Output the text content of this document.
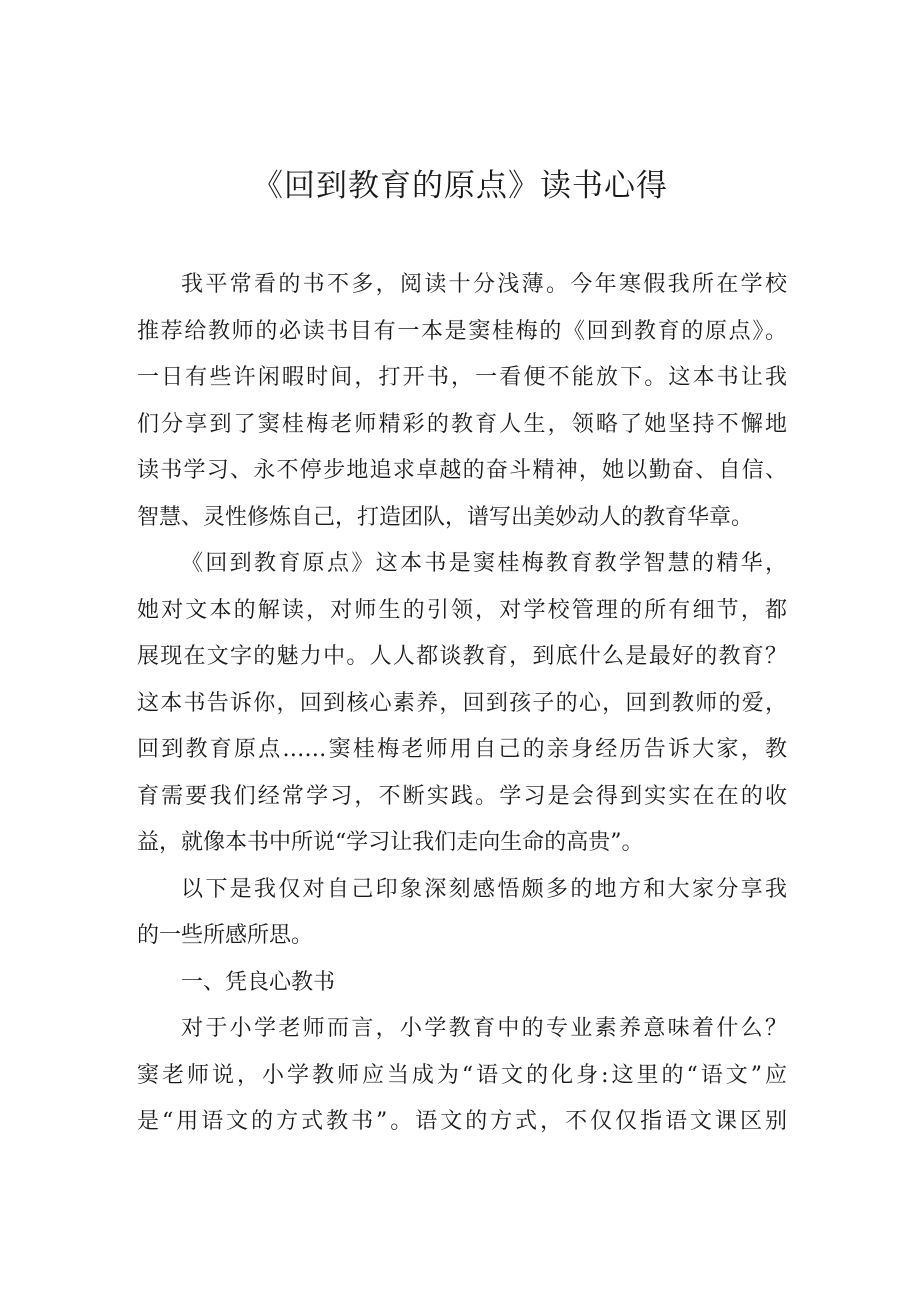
《回到教育的原点》读书心得
我平常看的书不多，阅读十分浅薄。今年寒假我所在学校
推荐给教师的必读书目有一本是窦桂梅的《回到教育的原点》。
一日有些许闲暇时间，打开书，一看便不能放下。这本书让我
们分享到了窦桂梅老师精彩的教育人生，领略了她坚持不懈地
读书学习、永不停步地追求卓越的奋斗精神，她以勤奋、自信、
智慧、灵性修炼自己，打造团队，谱写出美妙动人的教育华章。
《回到教育原点》这本书是窦桂梅教育教学智慧的精华，
她对文本的解读，对师生的引领，对学校管理的所有细节，都
展现在文字的魅力中。人人都谈教育，到底什么是最好的教育？
这本书告诉你，回到核心素养，回到孩子的心，回到教师的爱，
回到教育原点……窦桂梅老师用自己的亲身经历告诉大家，教
育需要我们经常学习，不断实践。学习是会得到实实在在的收
益，就像本书中所说“学习让我们走向生命的高贵”。
以下是我仅对自己印象深刻感悟颇多的地方和大家分享我
的一些所感所思。
一、凭良心教书
对于小学老师而言，小学教育中的专业素养意味着什么？
窦老师说，小学教师应当成为“语文的化身:这里的“语文”应
是“用语文的方式教书”。语文的方式，不仅仅指语文课区别
